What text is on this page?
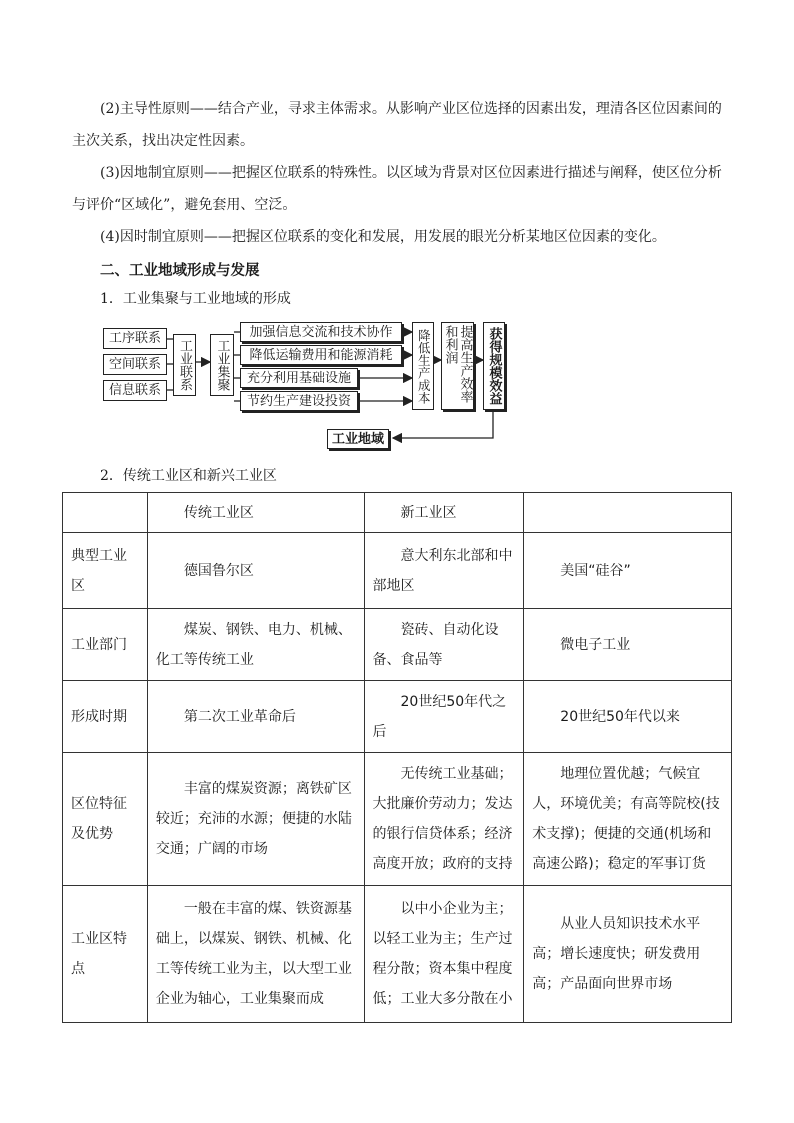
(2)主导性原则——结合产业，寻求主体需求。从影响产业区位选择的因素出发，理清各区位因素间的
主次关系，找出决定性因素。
(3)因地制宜原则——把握区位联系的特殊性。以区域为背景对区位因素进行描述与阐释，使区位分析
与评价“区域化”，避免套用、空泛。
(4)因时制宜原则——把握区位联系的变化和发展，用发展的眼光分析某地区位因素的变化。
二、工业地域形成与发展
1．工业集聚与工业地域的形成
工序联系
空间联系
信息联系 工业联系 工业集聚
加强信息交流和技术协作
降低运输费用和能源消耗
充分利用基础设施
节约生产建设投资	降低生产成本	提高生产效率和利润	获得规模效益
工业地域
2．传统工业区和新兴工业区

	传统工业区	新工业区	

典型工业区	德国鲁尔区	意大利东北部和中部地区	美国“硅谷”

工业部门	煤炭、钢铁、电力、机械、化工等传统工业	瓷砖、自动化设备、食品等	微电子工业

形成时期	第二次工业革命后	20世纪50年代之后	20世纪50年代以来

区位特征及优势	丰富的煤炭资源；离铁矿区较近；充沛的水源；便捷的水陆交通；广阔的市场	无传统工业基础；大批廉价劳动力；发达的银行信贷体系；经济高度开放；政府的支持	地理位置优越；气候宜人，环境优美；有高等院校(技术支撑)；便捷的交通(机场和高速公路)；稳定的军事订货

工业区特点	一般在丰富的煤、铁资源基础上，以煤炭、钢铁、机械、化工等传统工业为主，以大型工业企业为轴心，工业集聚而成	以中小企业为主；以轻工业为主；生产过程分散；资本集中程度低；工业大多分散在小	从业人员知识技术水平高；增长速度快；研发费用高；产品面向世界市场
